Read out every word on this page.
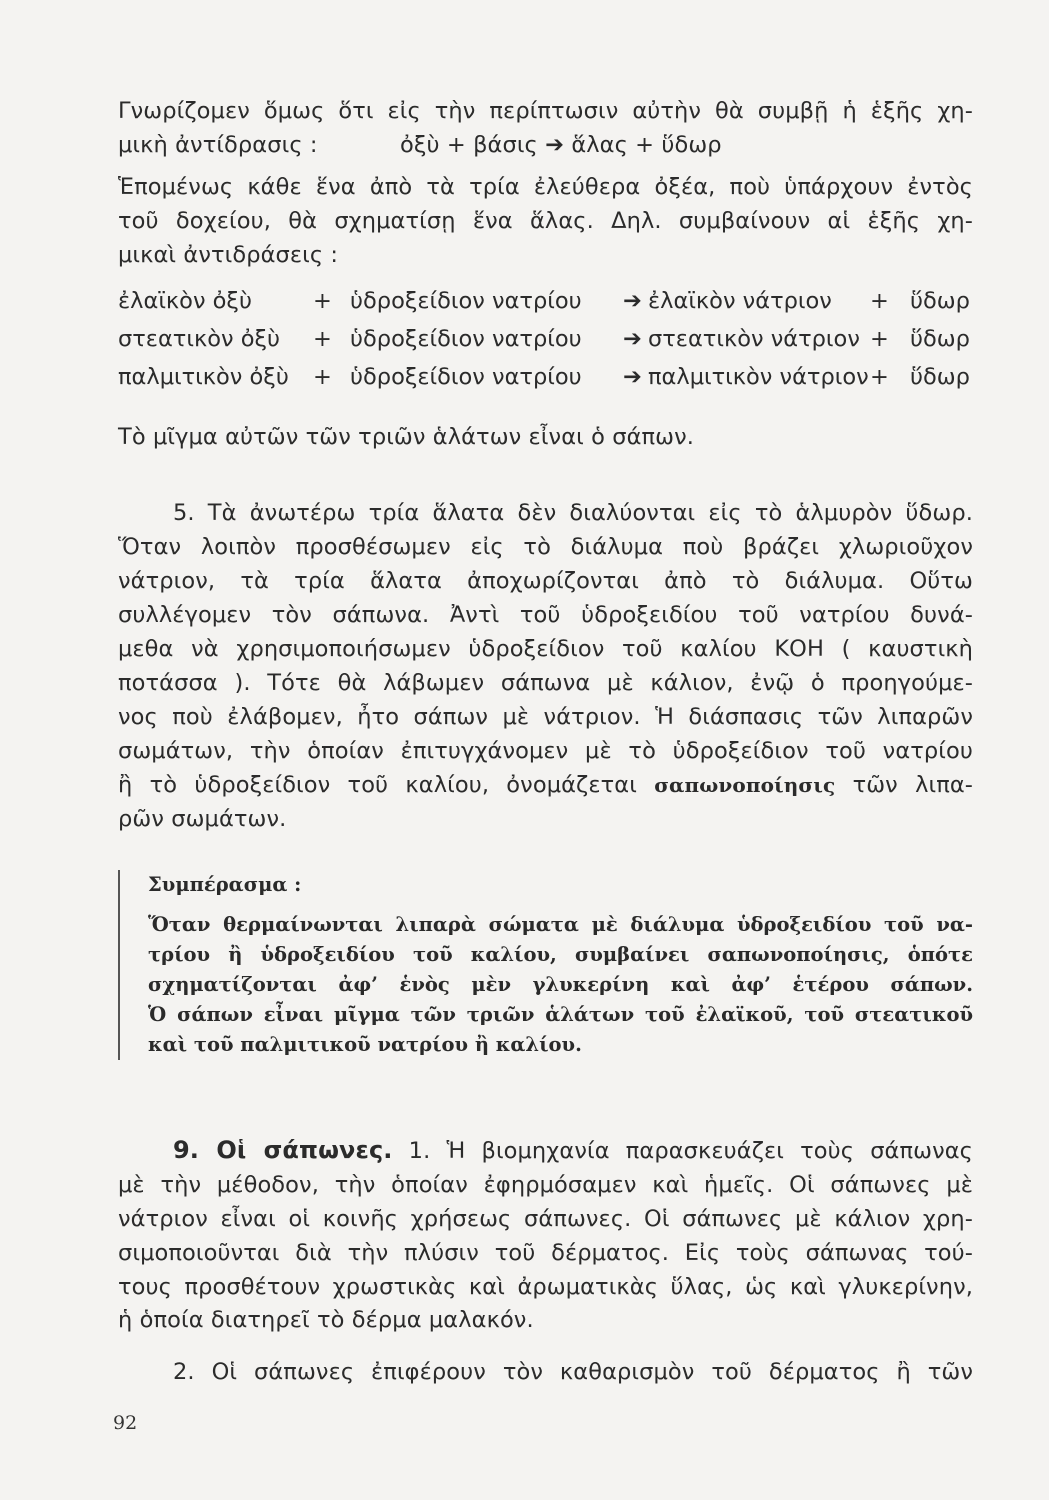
Γνωρίζομεν ὅμως ὅτι εἰς τὴν περίπτωσιν αὐτὴν θὰ συμβῇ ἡ ἑξῆς χη-
μικὴ ἀντίδρασις :	ὀξὺ + βάσις ➔ ἅλας + ὕδωρ
Ἑπομένως κάθε ἕνα ἀπὸ τὰ τρία ἐλεύθερα ὀξέα, ποὺ ὑπάρχουν ἐντὸς
τοῦ δοχείου, θὰ σχηματίσῃ ἕνα ἅλας. Δηλ. συμβαίνουν αἱ ἑξῆς χη-
μικαὶ ἀντιδράσεις :
ἐλαϊκὸν ὀξὺ	+ ὑδροξείδιον νατρίου ➔ ἐλαϊκὸν νάτριον + ὕδωρ
στεατικὸν ὀξὺ + ὑδροξείδιον νατρίου ➔ στεατικὸν νάτριον + ὕδωρ
παλμιτικὸν ὀξὺ + ὑδροξείδιον νατρίου ➔ παλμιτικὸν νάτριον + ὕδωρ
Τὸ μῖγμα αὐτῶν τῶν τριῶν ἁλάτων εἶναι ὁ σάπων.
5. Τὰ ἀνωτέρω τρία ἅλατα δὲν διαλύονται εἰς τὸ ἁλμυρὸν ὕδωρ.
Ὅταν λοιπὸν προσθέσωμεν εἰς τὸ διάλυμα ποὺ βράζει χλωριοῦχον
νάτριον, τὰ τρία ἅλατα ἀποχωρίζονται ἀπὸ τὸ διάλυμα. Οὕτω
συλλέγομεν τὸν σάπωνα. Ἀντὶ τοῦ ὑδροξειδίου τοῦ νατρίου δυνά-
μεθα νὰ χρησιμοποιήσωμεν ὑδροξείδιον τοῦ καλίου ΚΟΗ ( καυστικὴ
ποτάσσα ). Τότε θὰ λάβωμεν σάπωνα μὲ κάλιον, ἐνῷ ὁ προηγούμε-
νος ποὺ ἐλάβομεν, ἦτο σάπων μὲ νάτριον. Ἡ διάσπασις τῶν λιπαρῶν
σωμάτων, τὴν ὁποίαν ἐπιτυγχάνομεν μὲ τὸ ὑδροξείδιον τοῦ νατρίου
ἢ τὸ ὑδροξείδιον τοῦ καλίου, ὀνομάζεται σαπωνοποίησις τῶν λιπα-
ρῶν σωμάτων.
Συμπέρασμα :
Ὅταν θερμαίνωνται λιπαρὰ σώματα μὲ διάλυμα ὑδροξειδίου τοῦ να-
τρίου ἢ ὑδροξειδίου τοῦ καλίου, συμβαίνει σαπωνοποίησις, ὁπότε
σχηματίζονται ἀφ’ ἑνὸς μὲν γλυκερίνη καὶ ἀφ’ ἑτέρου σάπων.
Ὁ σάπων εἶναι μῖγμα τῶν τριῶν ἁλάτων τοῦ ἐλαϊκοῦ, τοῦ στεατικοῦ
καὶ τοῦ παλμιτικοῦ νατρίου ἢ καλίου.
9. Οἱ σάπωνες. 1. Ἡ βιομηχανία παρασκευάζει τοὺς σάπωνας
μὲ τὴν μέθοδον, τὴν ὁποίαν ἐφηρμόσαμεν καὶ ἡμεῖς. Οἱ σάπωνες μὲ
νάτριον εἶναι οἱ κοινῆς χρήσεως σάπωνες. Οἱ σάπωνες μὲ κάλιον χρη-
σιμοποιοῦνται διὰ τὴν πλύσιν τοῦ δέρματος. Εἰς τοὺς σάπωνας τού-
τους προσθέτουν χρωστικὰς καὶ ἀρωματικὰς ὕλας, ὡς καὶ γλυκερίνην,
ἡ ὁποία διατηρεῖ τὸ δέρμα μαλακόν.
2. Οἱ σάπωνες ἐπιφέρουν τὸν καθαρισμὸν τοῦ δέρματος ἢ τῶν
92
